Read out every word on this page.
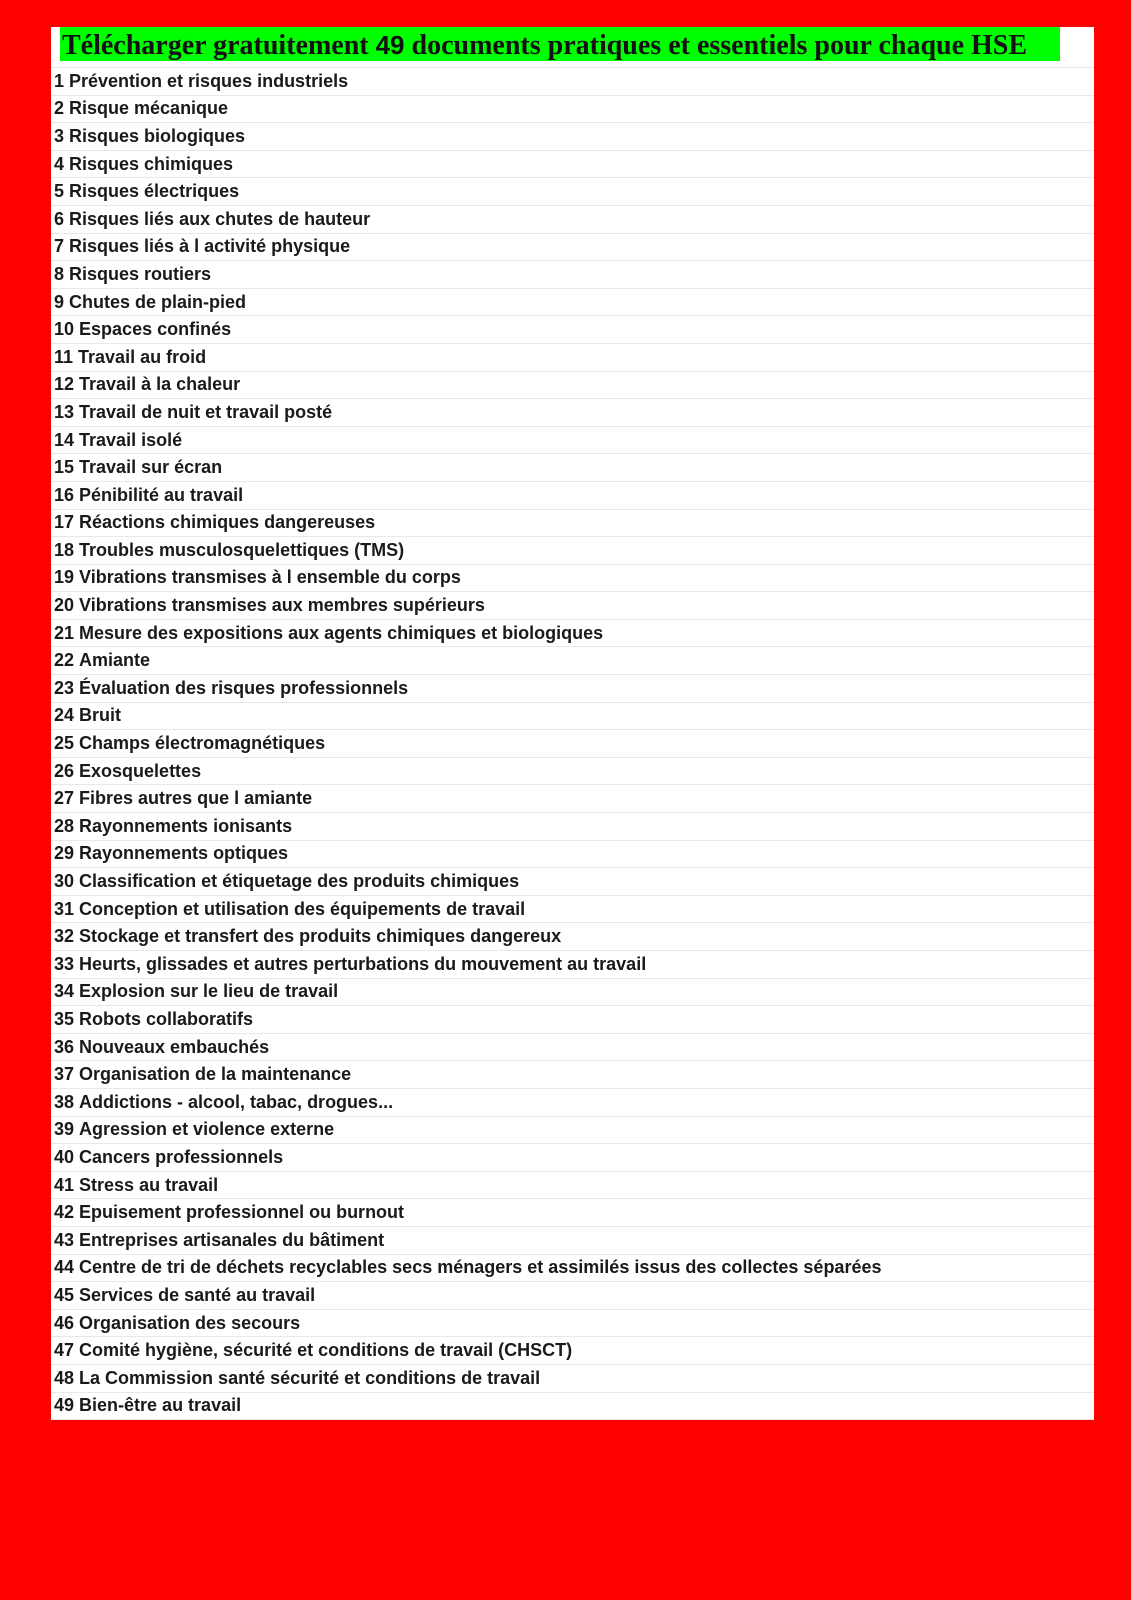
Télécharger gratuitement 49 documents pratiques et essentiels pour chaque HSE
1 Prévention et risques industriels
2 Risque mécanique
3 Risques biologiques
4 Risques chimiques
5 Risques électriques
6 Risques liés aux chutes de hauteur
7 Risques liés à l activité physique
8 Risques routiers
9 Chutes de plain-pied
10 Espaces confinés
11 Travail au froid
12 Travail à la chaleur
13 Travail de nuit et travail posté
14 Travail isolé
15 Travail sur écran
16 Pénibilité au travail
17 Réactions chimiques dangereuses
18 Troubles musculosquelettiques (TMS)
19 Vibrations transmises à l ensemble du corps
20 Vibrations transmises aux membres supérieurs
21 Mesure des expositions aux agents chimiques et biologiques
22 Amiante
23 Évaluation des risques professionnels
24 Bruit
25 Champs électromagnétiques
26 Exosquelettes
27 Fibres autres que l amiante
28 Rayonnements ionisants
29 Rayonnements optiques
30 Classification et étiquetage des produits chimiques
31 Conception et utilisation des équipements de travail
32 Stockage et transfert des produits chimiques dangereux
33 Heurts, glissades et autres perturbations du mouvement au travail
34 Explosion sur le lieu de travail
35 Robots collaboratifs
36 Nouveaux embauchés
37 Organisation de la maintenance
38 Addictions - alcool, tabac, drogues...
39 Agression et violence externe
40 Cancers professionnels
41 Stress au travail
42 Epuisement professionnel ou burnout
43 Entreprises artisanales du bâtiment
44 Centre de tri de déchets recyclables secs ménagers et assimilés issus des collectes séparées
45 Services de santé au travail
46 Organisation des secours
47 Comité hygiène, sécurité et conditions de travail (CHSCT)
48 La Commission santé sécurité et conditions de travail
49 Bien-être au travail
